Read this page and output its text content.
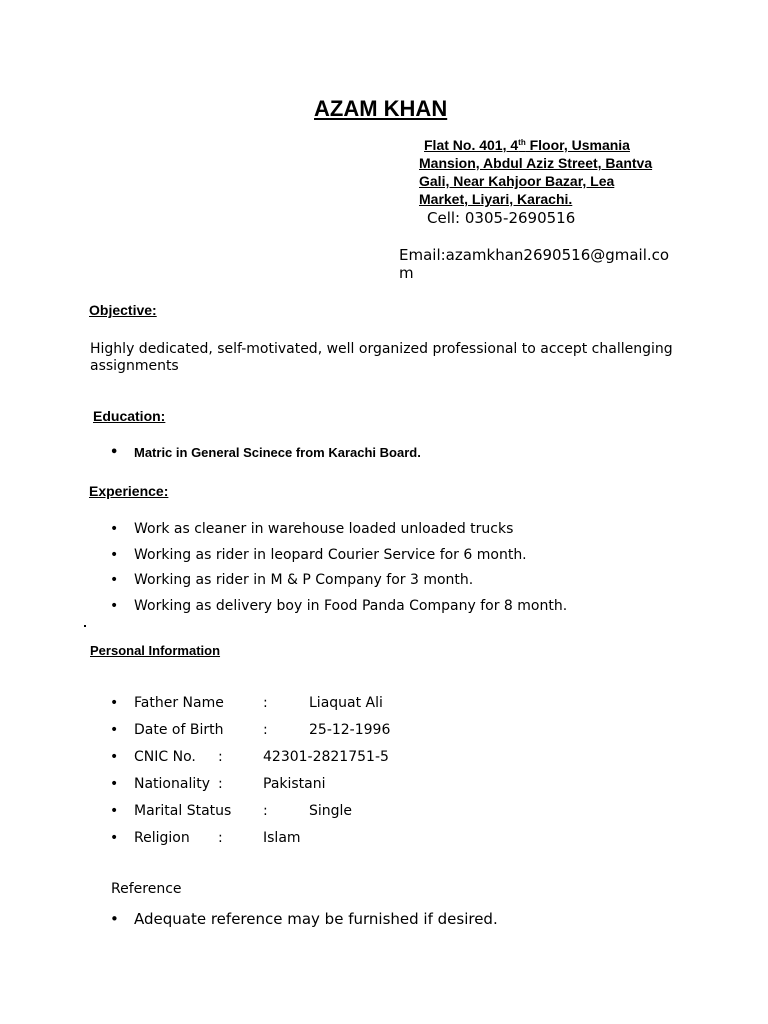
AZAM KHAN
Flat No. 401, 4th Floor, Usmania
Mansion, Abdul Aziz Street, Bantva
Gali, Near Kahjoor Bazar, Lea
Market, Liyari, Karachi.
Cell: 0305-2690516
Email:azamkhan2690516@gmail.co
m
Objective:
Highly dedicated, self-motivated, well organized professional to accept challenging
assignments
Education:
• Matric in General Scinece from Karachi Board.
Experience:
• Work as cleaner in warehouse loaded unloaded trucks
• Working as rider in leopard Courier Service for 6 month.
• Working as rider in M & P Company for 3 month.
• Working as delivery boy in Food Panda Company for 8 month.
Personal Information
• Father Name	:	Liaquat Ali
• Date of Birth	:	25-12-1996
• CNIC No. :	42301-2821751-5
• Nationality :	Pakistani
• Marital Status :	Single
• Religion :	Islam
Reference
• Adequate reference may be furnished if desired.
